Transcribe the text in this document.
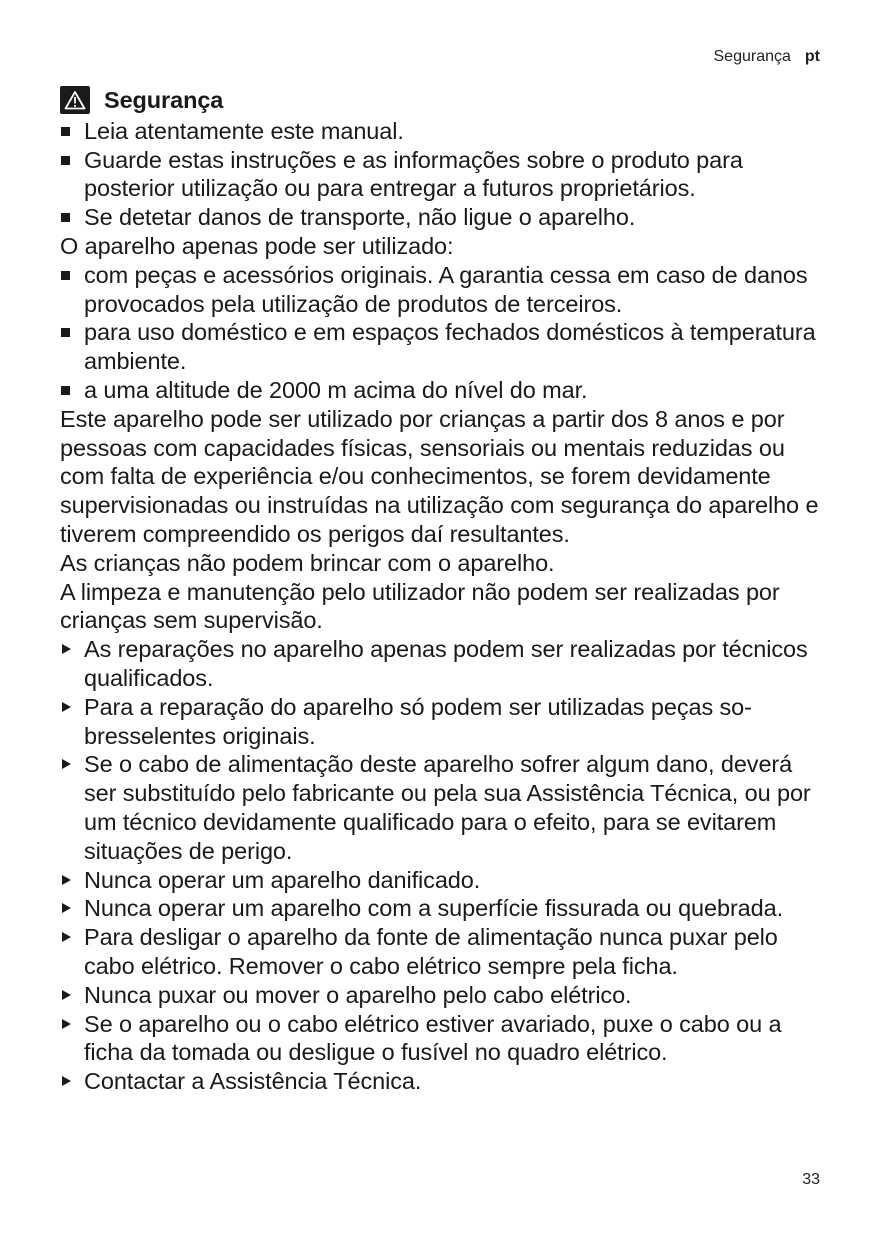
Segurança pt
Segurança
Leia atentamente este manual.
Guarde estas instruções e as informações sobre o produto para posterior utilização ou para entregar a futuros proprietários.
Se detetar danos de transporte, não ligue o aparelho.

O aparelho apenas pode ser utilizado:

com peças e acessórios originais. A garantia cessa em caso de danos provocados pela utilização de produtos de terceiros.
para uso doméstico e em espaços fechados domésticos à temperatura ambiente.
a uma altitude de 2000 m acima do nível do mar.

Este aparelho pode ser utilizado por crianças a partir dos 8 anos e por pessoas com capacidades físicas, sensoriais ou mentais reduzidas ou com falta de experiência e/ou conhecimentos, se forem devidamente supervisionadas ou instruídas na utilização com segurança do aparelho e tiverem compreendido os perigos daí resultantes.

As crianças não podem brincar com o aparelho.

A limpeza e manutenção pelo utilizador não podem ser realizadas por crianças sem supervisão.

As reparações no aparelho apenas podem ser realizadas por técnicos qualificados.
Para a reparação do aparelho só podem ser utilizadas peças sobresselentes originais.
Se o cabo de alimentação deste aparelho sofrer algum dano, deverá ser substituído pelo fabricante ou pela sua Assistência Técnica, ou por um técnico devidamente qualificado para o efeito, para se evitarem situações de perigo.
Nunca operar um aparelho danificado.
Nunca operar um aparelho com a superfície fissurada ou quebrada.
Para desligar o aparelho da fonte de alimentação nunca puxar pelo cabo elétrico. Remover o cabo elétrico sempre pela ficha.
Nunca puxar ou mover o aparelho pelo cabo elétrico.
Se o aparelho ou o cabo elétrico estiver avariado, puxe o cabo ou a ficha da tomada ou desligue o fusível no quadro elétrico.
Contactar a Assistência Técnica.
33
